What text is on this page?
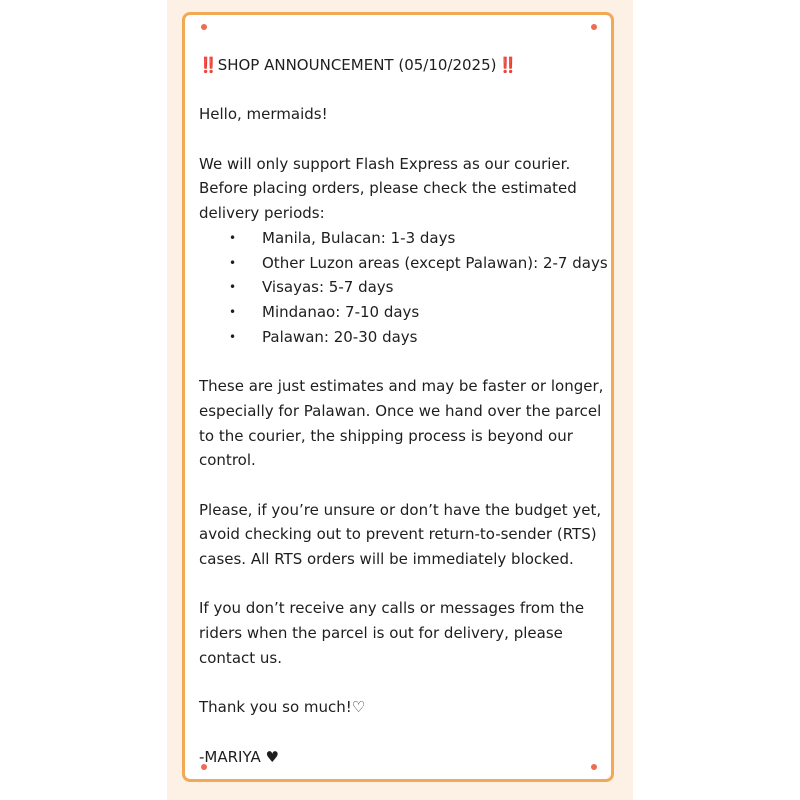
‼️ SHOP ANNOUNCEMENT (05/10/2025) ‼️

Hello, mermaids!

We will only support Flash Express as our courier. Before placing orders, please check the estimated delivery periods:

• Manila, Bulacan: 1-3 days
• Other Luzon areas (except Palawan): 2-7 days
• Visayas: 5-7 days
• Mindanao: 7-10 days
• Palawan: 20-30 days

These are just estimates and may be faster or longer, especially for Palawan. Once we hand over the parcel to the courier, the shipping process is beyond our control.

Please, if you’re unsure or don’t have the budget yet, avoid checking out to prevent return-to-sender (RTS) cases. All RTS orders will be immediately blocked.

If you don’t receive any calls or messages from the riders when the parcel is out for delivery, please contact us.

Thank you so much!♡

-MARIYA ♥
